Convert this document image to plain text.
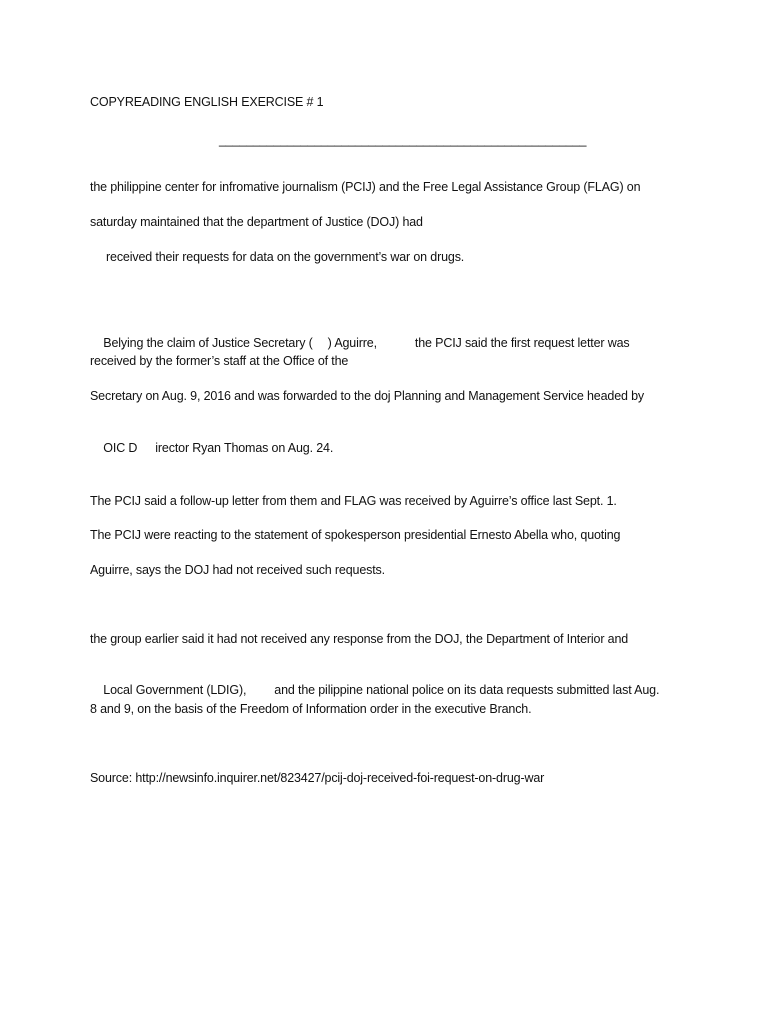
COPYREADING ENGLISH EXERCISE # 1
______________________________________________________
the philippine center for infromative journalism (PCIJ) and the Free Legal Assistance Group (FLAG) on
saturday maintained that the department of Justice (DOJ) had
received their requests for data on the government’s war on drugs.

Belying the claim of Justice Secretary ( ) Aguirre,	the PCIJ said the first request letter was

received by the former’s staff at the Office of the
Secretary on Aug. 9, 2016 and was forwarded to the doj Planning and Management Service headed by

OIC D irector Ryan Thomas on Aug. 24.

The PCIJ said a follow-up letter from them and FLAG was received by Aguirre’s office last Sept. 1.
The PCIJ were reacting to the statement of spokesperson presidential Ernesto Abella who, quoting
Aguirre, says the DOJ had not received such requests.
the group earlier said it had not received any response from the DOJ, the Department of Interior and

Local Government (LDIG), and the pilippine national police on its data requests submitted last Aug.

8 and 9, on the basis of the Freedom of Information order in the executive Branch.
Source: http://newsinfo.inquirer.net/823427/pcij-doj-received-foi-request-on-drug-war
